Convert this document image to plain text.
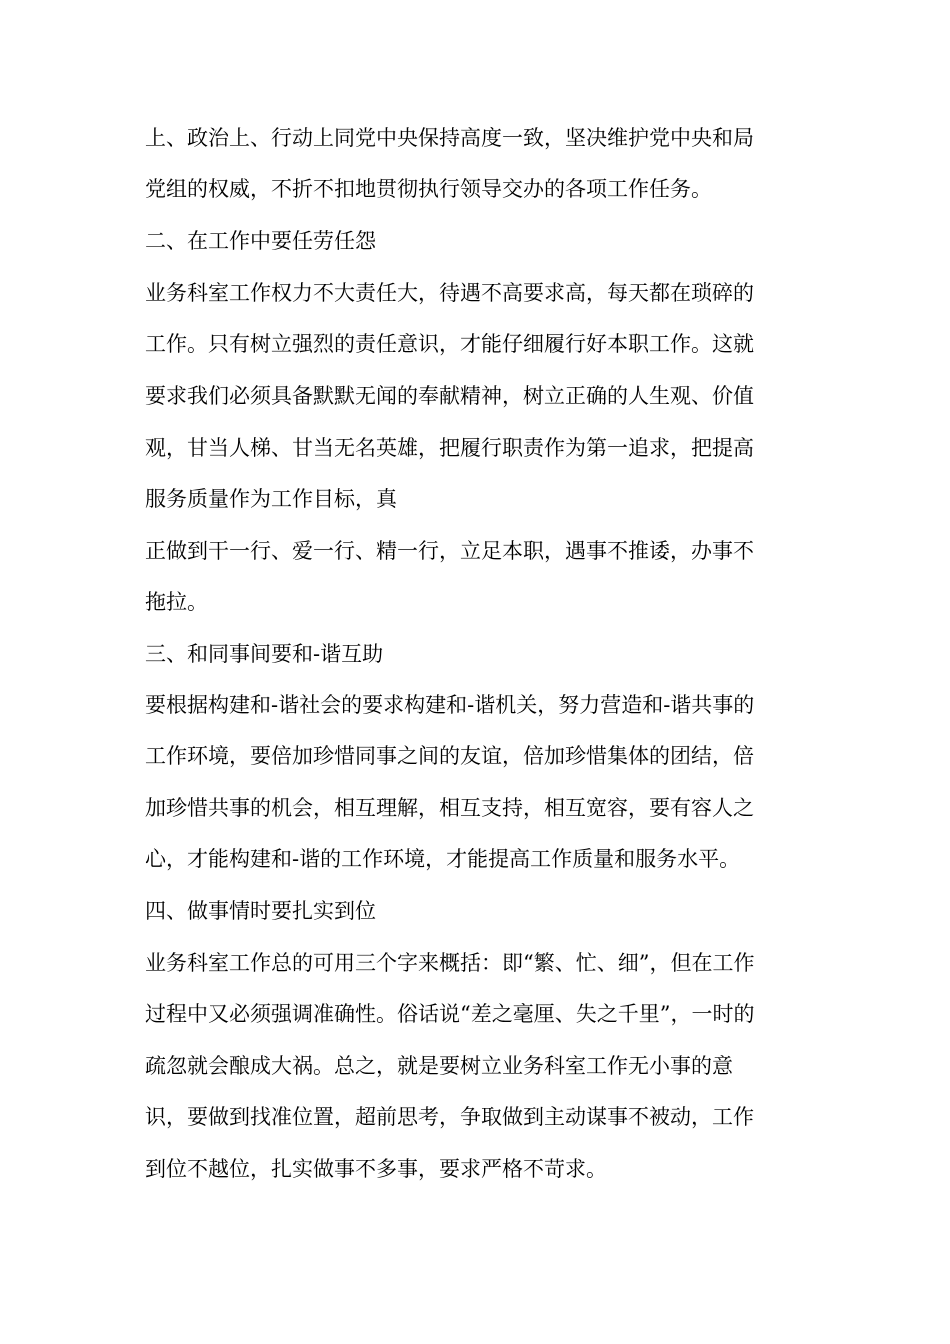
上、政治上、行动上同党中央保持高度一致，坚决维护党中央和局
党组的权威，不折不扣地贯彻执行领导交办的各项工作任务。
二、在工作中要任劳任怨
业务科室工作权力不大责任大，待遇不高要求高，每天都在琐碎的
工作。只有树立强烈的责任意识，才能仔细履行好本职工作。这就
要求我们必须具备默默无闻的奉献精神，树立正确的人生观、价值
观，甘当人梯、甘当无名英雄，把履行职责作为第一追求，把提高
服务质量作为工作目标，真
正做到干一行、爱一行、精一行，立足本职，遇事不推诿，办事不
拖拉。
三、和同事间要和-谐互助
要根据构建和-谐社会的要求构建和-谐机关，努力营造和-谐共事的
工作环境，要倍加珍惜同事之间的友谊，倍加珍惜集体的团结，倍
加珍惜共事的机会，相互理解，相互支持，相互宽容，要有容人之
心，才能构建和-谐的工作环境，才能提高工作质量和服务水平。
四、做事情时要扎实到位
业务科室工作总的可用三个字来概括：即“繁、忙、细”，但在工作
过程中又必须强调准确性。俗话说“差之毫厘、失之千里”，一时的
疏忽就会酿成大祸。总之，就是要树立业务科室工作无小事的意
识，要做到找准位置，超前思考，争取做到主动谋事不被动，工作
到位不越位，扎实做事不多事，要求严格不苛求。
